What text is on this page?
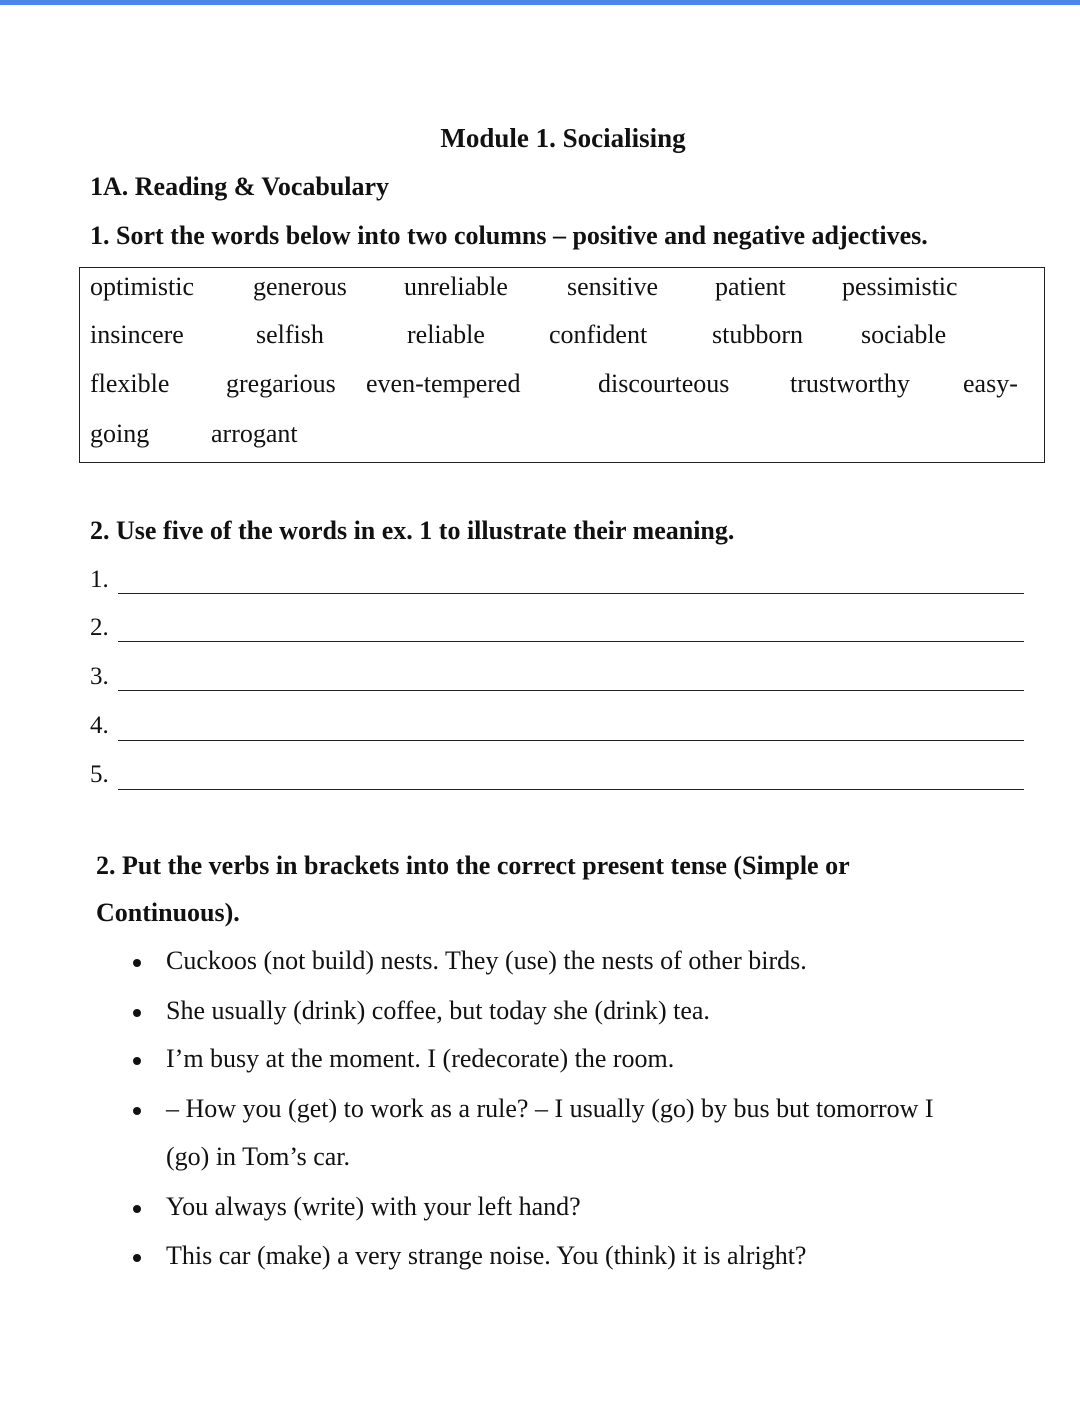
Module 1. Socialising
1A. Reading & Vocabulary
1. Sort the words below into two columns – positive and negative adjectives.
optimistic generous unreliable sensitive patient pessimistic
insincere	selfish	reliable confident stubborn sociable
flexible gregarious even-tempered	discourteous trustworthy easy-
going arrogant
2. Use five of the words in ex. 1 to illustrate their meaning.
1.
2.
3.
4.
5.
2. Put the verbs in brackets into the correct present tense (Simple or
Continuous).
Cuckoos (not build) nests. They (use) the nests of other birds.
She usually (drink) coffee, but today she (drink) tea.
I’m busy at the moment. I (redecorate) the room.
– How you (get) to work as a rule? – I usually (go) by bus but tomorrow I
(go) in Tom’s car.
You always (write) with your left hand?
This car (make) a very strange noise. You (think) it is alright?
